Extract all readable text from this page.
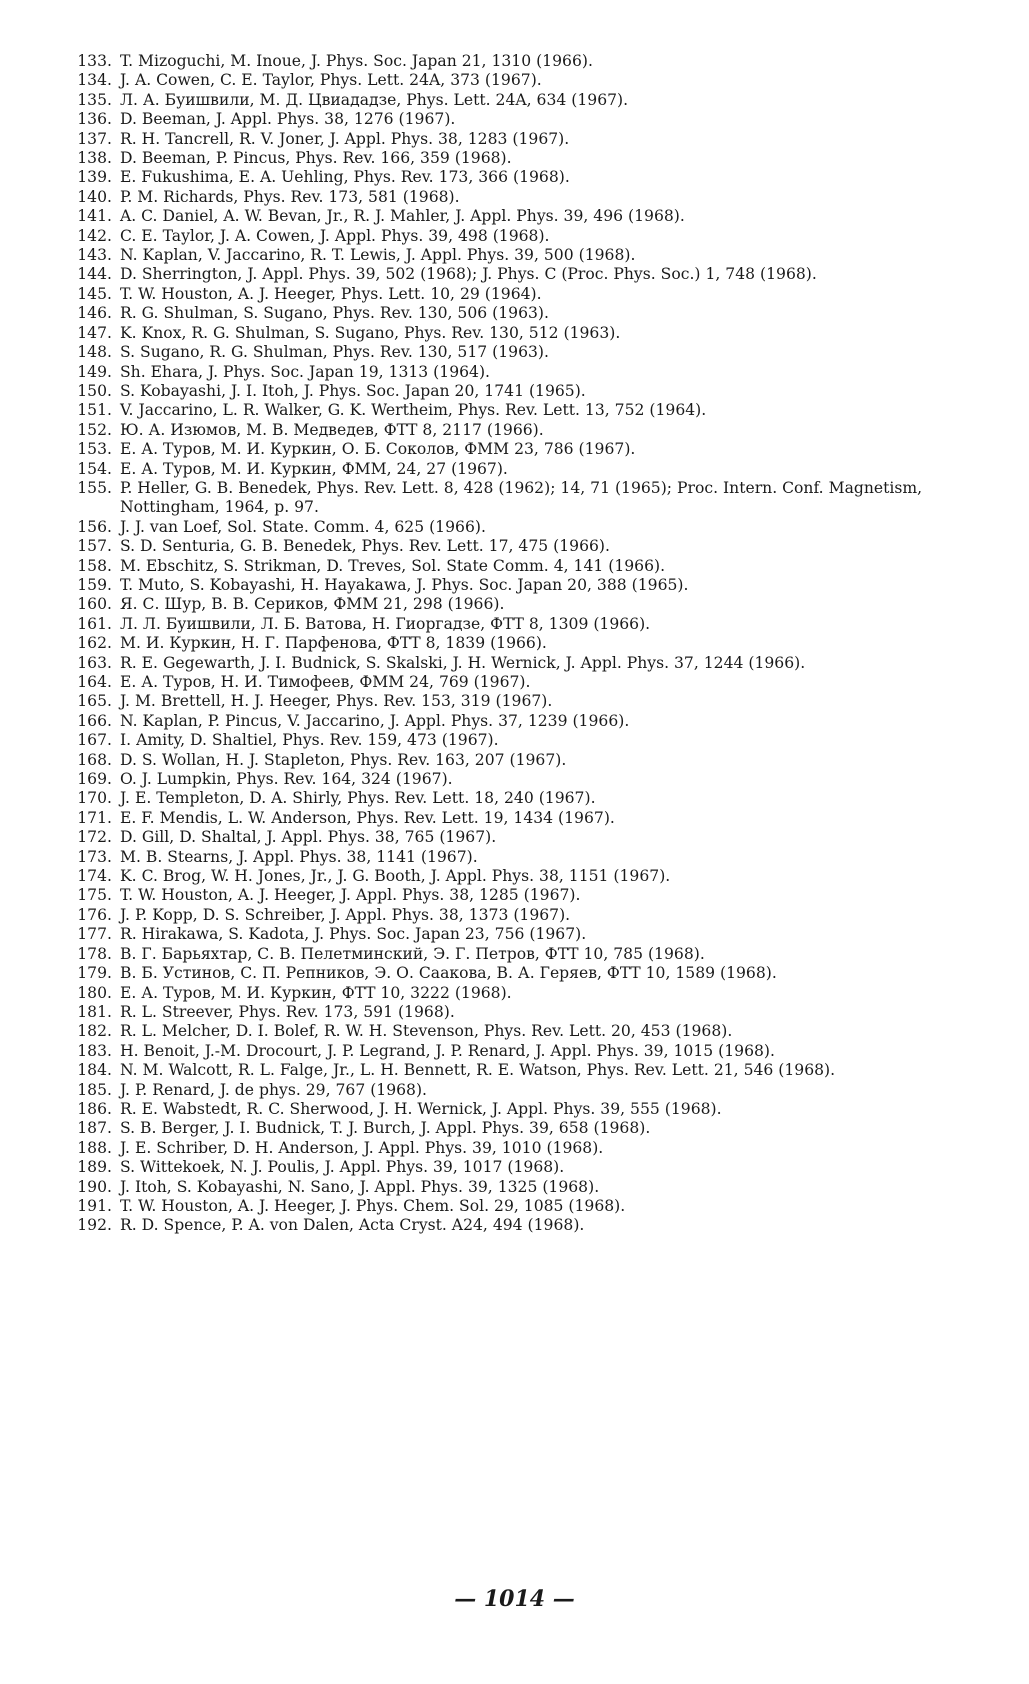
133. T. Mizoguchi, M. Inoue, J. Phys. Soc. Japan 21, 1310 (1966).
134. J. A. Cowen, C. E. Taylor, Phys. Lett. 24A, 373 (1967).
135. Л. А. Буишвили, М. Д. Цвиададзе, Phys. Lett. 24A, 634 (1967).
136. D. Beeman, J. Appl. Phys. 38, 1276 (1967).
137. R. H. Tancrell, R. V. Joner, J. Appl. Phys. 38, 1283 (1967).
138. D. Beeman, P. Pincus, Phys. Rev. 166, 359 (1968).
139. E. Fukushima, E. A. Uehling, Phys. Rev. 173, 366 (1968).
140. P. M. Richards, Phys. Rev. 173, 581 (1968).
141. A. C. Daniel, A. W. Bevan, Jr., R. J. Mahler, J. Appl. Phys. 39, 496 (1968).
142. C. E. Taylor, J. A. Cowen, J. Appl. Phys. 39, 498 (1968).
143. N. Kaplan, V. Jaccarino, R. T. Lewis, J. Appl. Phys. 39, 500 (1968).
144. D. Sherrington, J. Appl. Phys. 39, 502 (1968); J. Phys. C (Proc. Phys. Soc.) 1, 748 (1968).
145. T. W. Houston, A. J. Heeger, Phys. Lett. 10, 29 (1964).
146. R. G. Shulman, S. Sugano, Phys. Rev. 130, 506 (1963).
147. K. Knox, R. G. Shulman, S. Sugano, Phys. Rev. 130, 512 (1963).
148. S. Sugano, R. G. Shulman, Phys. Rev. 130, 517 (1963).
149. Sh. Ehara, J. Phys. Soc. Japan 19, 1313 (1964).
150. S. Kobayashi, J. I. Itoh, J. Phys. Soc. Japan 20, 1741 (1965).
151. V. Jaccarino, L. R. Walker, G. K. Wertheim, Phys. Rev. Lett. 13, 752 (1964).
152. Ю. А. Изюмов, М. В. Медведев, ФТТ 8, 2117 (1966).
153. Е. А. Туров, М. И. Куркин, О. Б. Соколов, ФММ 23, 786 (1967).
154. Е. А. Туров, М. И. Куркин, ФММ, 24, 27 (1967).
155. P. Heller, G. B. Benedek, Phys. Rev. Lett. 8, 428 (1962); 14, 71 (1965); Proc. Intern. Conf. Magnetism, Nottingham, 1964, p. 97.
156. J. J. van Loef, Sol. State. Comm. 4, 625 (1966).
157. S. D. Senturia, G. B. Benedek, Phys. Rev. Lett. 17, 475 (1966).
158. M. Ebschitz, S. Strikman, D. Treves, Sol. State Comm. 4, 141 (1966).
159. T. Muto, S. Kobayashi, H. Hayakawa, J. Phys. Soc. Japan 20, 388 (1965).
160. Я. С. Шур, В. В. Сериков, ФММ 21, 298 (1966).
161. Л. Л. Буишвили, Л. Б. Ватова, Н. Гиоргадзе, ФТТ 8, 1309 (1966).
162. М. И. Куркин, Н. Г. Парфенова, ФТТ 8, 1839 (1966).
163. R. E. Gegewarth, J. I. Budnick, S. Skalski, J. H. Wernick, J. Appl. Phys. 37, 1244 (1966).
164. Е. А. Туров, Н. И. Тимофеев, ФММ 24, 769 (1967).
165. J. M. Brettell, H. J. Heeger, Phys. Rev. 153, 319 (1967).
166. N. Kaplan, P. Pincus, V. Jaccarino, J. Appl. Phys. 37, 1239 (1966).
167. I. Amity, D. Shaltiel, Phys. Rev. 159, 473 (1967).
168. D. S. Wollan, H. J. Stapleton, Phys. Rev. 163, 207 (1967).
169. O. J. Lumpkin, Phys. Rev. 164, 324 (1967).
170. J. E. Templeton, D. A. Shirly, Phys. Rev. Lett. 18, 240 (1967).
171. E. F. Mendis, L. W. Anderson, Phys. Rev. Lett. 19, 1434 (1967).
172. D. Gill, D. Shaltal, J. Appl. Phys. 38, 765 (1967).
173. M. B. Stearns, J. Appl. Phys. 38, 1141 (1967).
174. K. C. Brog, W. H. Jones, Jr., J. G. Booth, J. Appl. Phys. 38, 1151 (1967).
175. T. W. Houston, A. J. Heeger, J. Appl. Phys. 38, 1285 (1967).
176. J. P. Kopp, D. S. Schreiber, J. Appl. Phys. 38, 1373 (1967).
177. R. Hirakawa, S. Kadota, J. Phys. Soc. Japan 23, 756 (1967).
178. В. Г. Барьяхтар, С. В. Пелетминский, Э. Г. Петров, ФТТ 10, 785 (1968).
179. В. Б. Устинов, С. П. Репников, Э. О. Саакова, В. А. Геряев, ФТТ 10, 1589 (1968).
180. Е. А. Туров, М. И. Куркин, ФТТ 10, 3222 (1968).
181. R. L. Streever, Phys. Rev. 173, 591 (1968).
182. R. L. Melcher, D. I. Bolef, R. W. H. Stevenson, Phys. Rev. Lett. 20, 453 (1968).
183. H. Benoit, J.-M. Drocourt, J. P. Legrand, J. P. Renard, J. Appl. Phys. 39, 1015 (1968).
184. N. M. Walcott, R. L. Falge, Jr., L. H. Bennett, R. E. Watson, Phys. Rev. Lett. 21, 546 (1968).
185. J. P. Renard, J. de phys. 29, 767 (1968).
186. R. E. Wabstedt, R. C. Sherwood, J. H. Wernick, J. Appl. Phys. 39, 555 (1968).
187. S. B. Berger, J. I. Budnick, T. J. Burch, J. Appl. Phys. 39, 658 (1968).
188. J. E. Schriber, D. H. Anderson, J. Appl. Phys. 39, 1010 (1968).
189. S. Wittekoek, N. J. Poulis, J. Appl. Phys. 39, 1017 (1968).
190. J. Itoh, S. Kobayashi, N. Sano, J. Appl. Phys. 39, 1325 (1968).
191. T. W. Houston, A. J. Heeger, J. Phys. Chem. Sol. 29, 1085 (1968).
192. R. D. Spence, P. A. von Dalen, Acta Cryst. A24, 494 (1968).
— 1014 —
